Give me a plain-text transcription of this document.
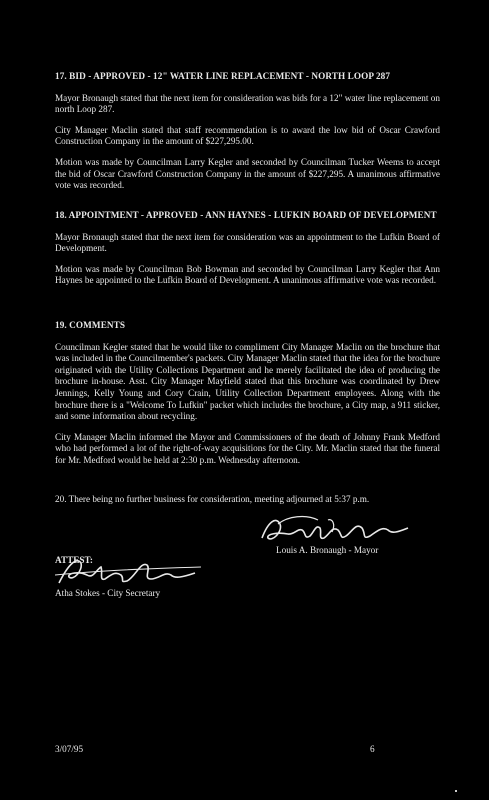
17. BID - APPROVED - 12" WATER LINE REPLACEMENT - NORTH LOOP 287

Mayor Bronaugh stated that the next item for consideration was bids for a 12" water line replacement on north Loop 287.

City Manager Maclin stated that staff recommendation is to award the low bid of Oscar Crawford Construction Company in the amount of $227,295.00.

Motion was made by Councilman Larry Kegler and seconded by Councilman Tucker Weems to accept the bid of Oscar Crawford Construction Company in the amount of $227,295. A unanimous affirmative vote was recorded.

18. APPOINTMENT - APPROVED - ANN HAYNES - LUFKIN BOARD OF DEVELOPMENT

Mayor Bronaugh stated that the next item for consideration was an appointment to the Lufkin Board of Development.

Motion was made by Councilman Bob Bowman and seconded by Councilman Larry Kegler that Ann Haynes be appointed to the Lufkin Board of Development. A unanimous affirmative vote was recorded.

19. COMMENTS

Councilman Kegler stated that he would like to compliment City Manager Maclin on the brochure that was included in the Councilmember's packets. City Manager Maclin stated that the idea for the brochure originated with the Utility Collections Department and he merely facilitated the idea of producing the brochure in-house. Asst. City Manager Mayfield stated that this brochure was coordinated by Drew Jennings, Kelly Young and Cory Crain, Utility Collection Department employees. Along with the brochure there is a "Welcome To Lufkin" packet which includes the brochure, a City map, a 911 sticker, and some information about recycling.

City Manager Maclin informed the Mayor and Commissioners of the death of Johnny Frank Medford who had performed a lot of the right-of-way acquisitions for the City. Mr. Maclin stated that the funeral for Mr. Medford would be held at 2:30 p.m. Wednesday afternoon.

20. There being no further business for consideration, meeting adjourned at 5:37 p.m.

Louis A. Bronaugh - Mayor
ATTEST:
Atha Stokes - City Secretary
3/07/95	6
